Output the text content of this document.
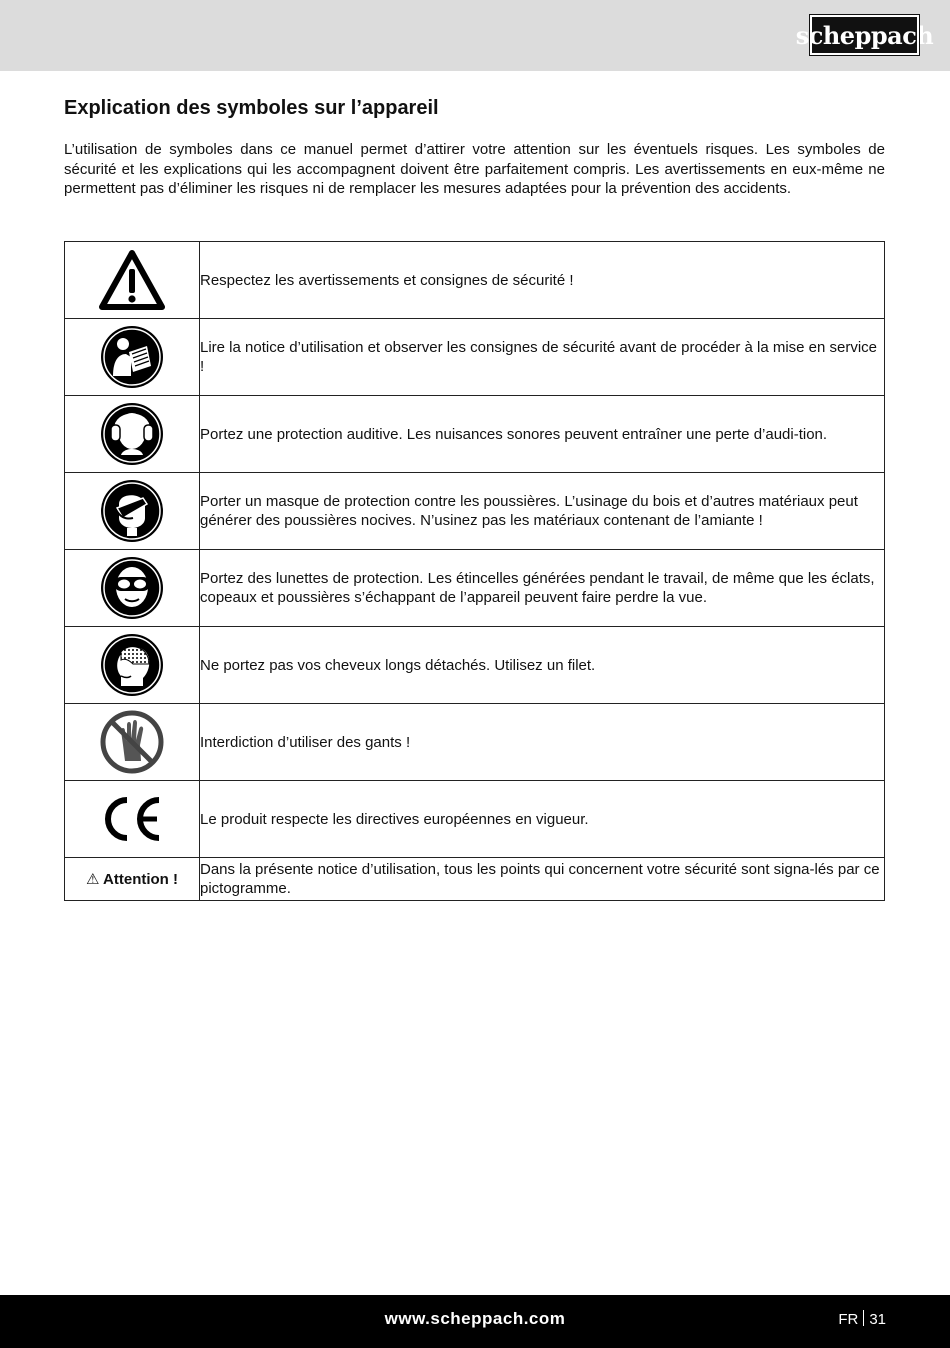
scheppach
Explication des symboles sur l’appareil

L’utilisation de symboles dans ce manuel permet d’attirer votre attention sur les éventuels risques. Les symboles de sécurité et les explications qui les accompagnent doivent être parfaitement compris. Les avertissements en eux-même ne permettent pas d’éliminer les risques ni de remplacer les mesures adaptées pour la prévention des accidents.

	Respectez les avertissements et consignes de sécurité !

	Lire la notice d’utilisation et observer les consignes de sécurité avant de procéder à la mise en service !

	Portez une protection auditive. Les nuisances sonores peuvent entraîner une perte d’audi-tion.

	Porter un masque de protection contre les poussières. L’usinage du bois et d’autres matériaux peut générer des poussières nocives. N’usinez pas les matériaux contenant de l’amiante !

	Portez des lunettes de protection. Les étincelles générées pendant le travail, de même que les éclats, copeaux et poussières s’échappant de l’appareil peuvent faire perdre la vue.

	Ne portez pas vos cheveux longs détachés. Utilisez un filet.

	Interdiction d’utiliser des gants !

	Le produit respecte les directives européennes en vigueur.
⚠ Attention !	Dans la présente notice d’utilisation, tous les points qui concernent votre sécurité sont signa-lés par ce pictogramme.
www.scheppach.com	FR 31
